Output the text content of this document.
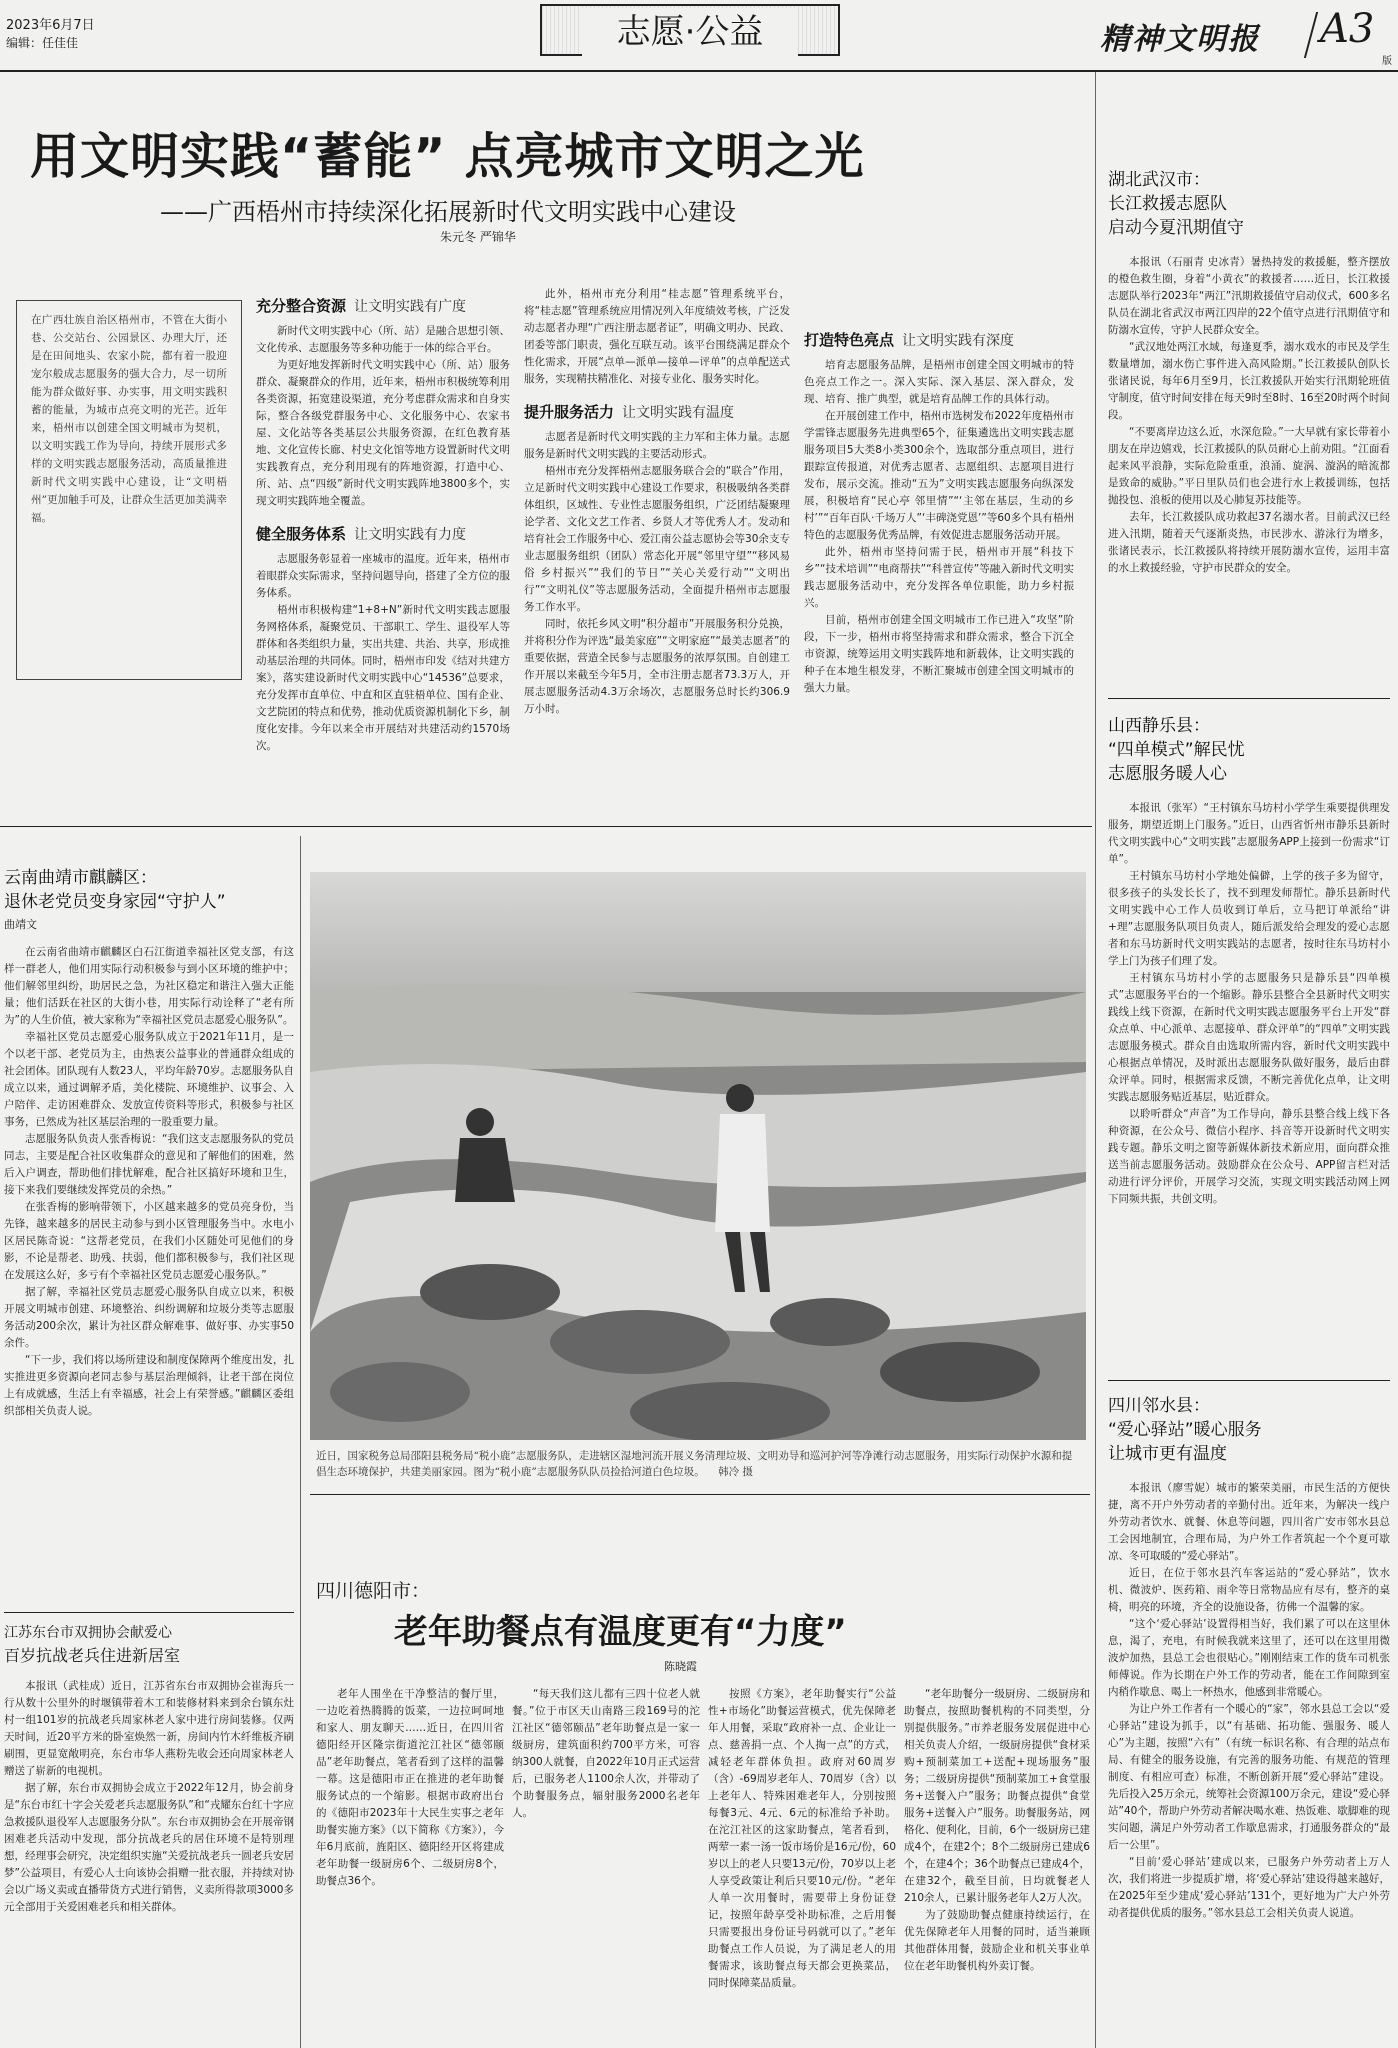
2023年6月7日
编辑：任佳佳	志愿·公益	精神文明报 A3
版
用文明实践“蓄能” 点亮城市文明之光
——广西梧州市持续深化拓展新时代文明实践中心建设
朱元冬 严锦华
在广西壮族自治区梧州市，不管在大街小巷、公交站台、公园景区、办理大厅，还是在田间地头、农家小院，都有着一股迎宠尔般成志愿服务的强大合力，尽一切所能为群众做好事、办实事，用文明实践积蓄的能量，为城市点亮文明的光芒。近年来，梧州市以创建全国文明城市为契机，以文明实践工作为导向，持续开展形式多样的文明实践志愿服务活动，高质量推进新时代文明实践中心建设，让“文明梧州”更加触手可及，让群众生活更加美满幸福。
充分整合资源 让文明实践有广度

新时代文明实践中心（所、站）是融合思想引领、文化传承、志愿服务等多种功能于一体的综合平台。

为更好地发挥新时代文明实践中心（所、站）服务群众、凝聚群众的作用，近年来，梧州市积极统筹利用各类资源，拓宽建设渠道，充分考虑群众需求和自身实际，整合各级党群服务中心、文化服务中心、农家书屋、文化站等各类基层公共服务资源，在红色教育基地、文化宣传长廊、村史文化馆等地方设置新时代文明实践教育点，充分利用现有的阵地资源，打造中心、所、站、点“四级”新时代文明实践阵地3800多个，实现文明实践阵地全覆盖。

健全服务体系 让文明实践有力度

志愿服务彰显着一座城市的温度。近年来，梧州市着眼群众实际需求，坚持问题导向，搭建了全方位的服务体系。

梧州市积极构建“1+8+N”新时代文明实践志愿服务网格体系，凝聚党员、干部职工、学生、退役军人等群体和各类组织力量，实出共建、共治、共享，形成推动基层治理的共同体。同时，梧州市印发《结对共建方案》，落实建设新时代文明实践中心“14536”总要求，充分发挥市直单位、中直和区直驻梧单位、国有企业、文艺院团的特点和优势，推动优质资源机制化下乡，制度化安排。今年以来全市开展结对共建活动约1570场次。

此外，梧州市充分利用“桂志愿”管理系统平台，将“桂志愿”管理系统应用情况列入年度绩效考核，广泛发动志愿者办理“广西注册志愿者证”，明确文明办、民政、团委等部门职责，强化互联互动。该平台围绕满足群众个性化需求，开展“点单—派单—接单—评单”的点单配送式服务，实现精扶精准化、对接专业化、服务实时化。

提升服务活力 让文明实践有温度

志愿者是新时代文明实践的主力军和主体力量。志愿服务是新时代文明实践的主要活动形式。

梧州市充分发挥梧州志愿服务联合会的“联合”作用，立足新时代文明实践中心建设工作要求，积极吸纳各类群体组织，区域性、专业性志愿服务组织，广泛团结凝聚理论学者、文化文艺工作者、乡贤人才等优秀人才。发动和培育社会工作服务中心、爱江南公益志愿协会等30余支专业志愿服务组织（团队）常态化开展“邻里守望”“移风易俗 乡村振兴”“我们的节日”“关心关爱行动”“文明出行”“文明礼仪”等志愿服务活动，全面提升梧州市志愿服务工作水平。

同时，依托乡风文明“积分超市”开展服务积分兑换，并将积分作为评选“最美家庭”“文明家庭”“最美志愿者”的重要依据，营造全民参与志愿服务的浓厚氛围。自创建工作开展以来截至今年5月，全市注册志愿者73.3万人，开展志愿服务活动4.3万余场次，志愿服务总时长约306.9万小时。

打造特色亮点 让文明实践有深度

培育志愿服务品牌，是梧州市创建全国文明城市的特色亮点工作之一。深入实际、深入基层、深入群众，发现、培育、推广典型，就是培育品牌工作的具体行动。

在开展创建工作中，梧州市选树发布2022年度梧州市学雷锋志愿服务先进典型65个，征集遴选出文明实践志愿服务项目5大类8小类300余个，选取部分重点项目，进行跟踪宣传报道，对优秀志愿者、志愿组织、志愿项目进行发布，展示交流。推动“五为”文明实践志愿服务向纵深发展，积极培育“民心亭 邻里情”“‘主邻在基层，生动的乡村’”“百年百队·千场万人”‘丰碑浇党恩’”等60多个具有梧州特色的志愿服务优秀品牌，有效促进志愿服务活动开展。

此外，梧州市坚持问需于民，梧州市开展“科技下乡”“技术培训”“电商帮扶”“科普宣传”等融入新时代文明实践志愿服务活动中，充分发挥各单位职能，助力乡村振兴。

目前，梧州市创建全国文明城市工作已进入“攻坚”阶段，下一步，梧州市将坚持需求和群众需求，整合下沉全市资源，统筹运用文明实践阵地和新载体，让文明实践的种子在本地生根发芽，不断汇聚城市创建全国文明城市的强大力量。

湖北武汉市：
长江救援志愿队
启动今夏汛期值守

本报讯（石丽青 史冰青）暑热持发的救援艇，整齐摆放的橙色救生圈，身着“小黄衣”的救援者……近日，长江救援志愿队举行2023年“两江”汛期救援值守启动仪式，600多名队员在湖北省武汉市两江四岸的22个值守点进行汛期值守和防溺水宣传，守护人民群众安全。

“武汉地处两江水域，每逢夏季，溺水戏水的市民及学生数量增加，溺水伤亡事件进入高风险期。”长江救援队创队长张诸民说，每年6月至9月，长江救援队开始实行汛期轮班值守制度，值守时间安排在每天9时至8时、16至20时两个时间段。

“不要离岸边这么近，水深危险。”一大早就有家长带着小朋友在岸边嬉戏，长江救援队的队员耐心上前劝阻。“江面看起来风平浪静，实际危险重重，浪涌、旋涡、漩涡的暗流都是致命的威胁。”平日里队员们也会进行水上救援训练，包括抛投包、浪板的使用以及心肺复苏技能等。

去年，长江救援队成功救起37名溺水者。目前武汉已经进入汛期，随着天气逐渐炎热，市民涉水、游泳行为增多，张诸民表示，长江救援队将持续开展防溺水宣传，运用丰富的水上救援经验，守护市民群众的安全。

山西静乐县：
“四单模式”解民忧
志愿服务暖人心

本报讯（张军）“王村镇东马坊村小学学生乘要提供理发服务，期望近期上门服务。”近日，山西省忻州市静乐县新时代文明实践中心“文明实践”志愿服务APP上接到一份需求“订单”。

王村镇东马坊村小学地处偏僻，上学的孩子多为留守，很多孩子的头发长长了，找不到理发师帮忙。静乐县新时代文明实践中心工作人员收到订单后，立马把订单派给“讲+理”志愿服务队项目负责人，随后派发给会理发的爱心志愿者和东马坊新时代文明实践站的志愿者，按时往东马坊村小学上门为孩子们理了发。

王村镇东马坊村小学的志愿服务只是静乐县“四单模式”志愿服务平台的一个缩影。静乐县整合全县新时代文明实践线上线下资源，在新时代文明实践志愿服务平台上开发“群众点单、中心派单、志愿接单、群众评单”的“四单”文明实践志愿服务模式。群众自由选取所需内容，新时代文明实践中心根据点单情况，及时派出志愿服务队做好服务，最后由群众评单。同时，根据需求反馈，不断完善优化点单，让文明实践志愿服务贴近基层，贴近群众。

以聆听群众“声音”为工作导向，静乐县整合线上线下各种资源，在公众号、微信小程序、抖音等开设新时代文明实践专题。静乐文明之窗等新媒体新技术新应用，面向群众推送当前志愿服务活动。鼓励群众在公众号、APP留言栏对活动进行评分评价，开展学习交流，实现文明实践活动网上网下同频共振，共创文明。

四川邻水县：
“爱心驿站”暖心服务
让城市更有温度

本报讯（廖雪妮）城市的繁荣美丽，市民生活的方便快捷，离不开户外劳动者的辛勤付出。近年来，为解决一线户外劳动者饮水、就餐、休息等问题，四川省广安市邻水县总工会因地制宜，合理布局，为户外工作者筑起一个个夏可歇凉、冬可取暖的“爱心驿站”。

近日，在位于邻水县汽车客运站的“爱心驿站”，饮水机、微波炉、医药箱、雨伞等日常物品应有尽有，整齐的桌椅，明亮的环境，齐全的设施设备，彷佛一个温馨的家。

“这个‘爱心驿站’设置得相当好，我们累了可以在这里休息，渴了，充电，有时候我就来这里了，还可以在这里用微波炉加热，县总工会也很贴心。”刚刚结束工作的货车司机张师傅说。作为长期在户外工作的劳动者，能在工作间隙到室内稍作歇息、喝上一杯热水，他感到非常暖心。

为让户外工作者有一个暖心的“家”，邻水县总工会以“爱心驿站”建设为抓手，以“有基础、拓功能、强服务、暖人心”为主题，按照“六有”（有统一标识名称、有合理的站点布局、有健全的服务设施，有完善的服务功能、有规范的管理制度、有相应可查）标准，不断创新开展“爱心驿站”建设。先后投入25万余元，统筹社会资源100万余元，建设“爱心驿站”40个，帮助户外劳动者解决喝水难、热饭难、歇脚难的现实问题，满足户外劳动者工作歇息需求，打通服务群众的“最后一公里”。

“目前‘爱心驿站’建成以来，已服务户外劳动者上万人次，我们将进一步提质扩增，将‘爱心驿站’建设得越来越好，在2025年至少建成‘爱心驿站’131个，更好地为广大户外劳动者提供优质的服务。”邻水县总工会相关负责人说道。

云南曲靖市麒麟区：
退休老党员变身家园“守护人”
曲靖文

在云南省曲靖市麒麟区白石江街道幸福社区党支部，有这样一群老人，他们用实际行动积极参与到小区环境的维护中；他们解邻里纠纷，助居民之急，为社区稳定和谐注入强大正能量；他们活跃在社区的大街小巷，用实际行动诠释了“老有所为”的人生价值，被大家称为“幸福社区党员志愿爱心服务队”。

幸福社区党员志愿爱心服务队成立于2021年11月，是一个以老干部、老党员为主，由热衷公益事业的普通群众组成的社会团体。团队现有人数23人，平均年龄70岁。志愿服务队自成立以来，通过调解矛盾，美化楼院、环境维护、议事会、入户陪伴、走访困难群众、发放宣传资料等形式，积极参与社区事务，已然成为社区基层治理的一股重要力量。

志愿服务队负责人张香梅说：“我们这支志愿服务队的党员同志，主要是配合社区收集群众的意见和了解他们的困难，然后入户调查，帮助他们排忧解难，配合社区搞好环境和卫生，接下来我们要继续发挥党员的余热。”

在张香梅的影响带领下，小区越来越多的党员亮身份，当先锋，越来越多的居民主动参与到小区管理服务当中。水电小区居民陈奇说：“这帮老党员，在我们小区随处可见他们的身影，不论是帮老、助残、扶弱，他们都积极参与，我们社区现在发展这么好，多亏有个幸福社区党员志愿爱心服务队。”

据了解，幸福社区党员志愿爱心服务队自成立以来，积极开展文明城市创建、环境整治、纠纷调解和垃圾分类等志愿服务活动200余次，累计为社区群众解难事、做好事、办实事50余件。

“下一步，我们将以场所建设和制度保障两个维度出发，扎实推进更多资源向老同志参与基层治理倾斜，让老干部在岗位上有成就感，生活上有幸福感，社会上有荣誉感。”麒麟区委组织部相关负责人说。

江苏东台市双拥协会献爱心
百岁抗战老兵住进新居室

本报讯（武桂成）近日，江苏省东台市双拥协会崔海兵一行从数十公里外的时堰镇带着木工和装修材料来到余台镇东灶村一组101岁的抗战老兵周家林老人家中进行房间装修。仅两天时间，近20平方米的卧室焕然一新，房间内竹木纤维板齐刷刷围，更显宽敞明亮，东台市华人燕粉先收会还向周家林老人赠送了崭新的电视机。

据了解，东台市双拥协会成立于2022年12月，协会前身是“东台市红十字会关爱老兵志愿服务队”和“戎耀东台红十字应急救援队退役军人志愿服务分队”。东台市双拥协会在开展帝钢困难老兵活动中发现，部分抗战老兵的居住环境不是特别理想，经理事会研究，决定组织实施“关爱抗战老兵一圆老兵安居梦”公益项目，有爱心人士向该协会捐赠一批衣服，并持续对协会以广场义卖或直播带货方式进行销售，义卖所得款项3000多元全部用于关爱困难老兵和相关群体。

近日，国家税务总局邵阳县税务局“税小鹿”志愿服务队，走进辖区湿地河流开展义务清理垃圾、文明劝导和巡河护河等净滩行动志愿服务，用实际行动保护水源和提倡生态环境保护，共建美丽家园。图为“税小鹿”志愿服务队队员捡拾河道白色垃圾。 韩冷 摄
四川德阳市：
老年助餐点有温度更有“力度”
陈晓霞

老年人围坐在干净整洁的餐厅里，一边吃着热腾腾的饭菜，一边拉呵呵地和家人、朋友聊天……近日，在四川省德阳经开区隆宗街道沱江社区“德邻颐品”老年助餐点，笔者看到了这样的温馨一幕。这是德阳市正在推进的老年助餐服务试点的一个缩影。根据市政府出台的《德阳市2023年十大民生实事之老年助餐实施方案》（以下简称《方案》），今年6月底前，旌阳区、德阳经开区将建成老年助餐一级厨房6个、二级厨房8个，助餐点36个。

“每天我们这儿都有三四十位老人就餐。”位于市区天山南路三段169号的沱江社区“德邻颐品”老年助餐点是一家一级厨房，建筑面积约700平方米，可容纳300人就餐，自2022年10月正式运营后，已服务老人1100余人次，并带动了个助餐服务点，辐射服务2000名老年人。

按照《方案》，老年助餐实行“公益性+市场化”助餐运营模式，优先保障老年人用餐，采取“政府补一点、企业让一点、慈善捐一点、个人掏一点”的方式，减轻老年群体负担。政府对60周岁（含）-69周岁老年人、70周岁（含）以上老年人、特殊困难老年人，分别按照每餐3元、4元、6元的标准给予补助。在沱江社区的这家助餐点，笔者看到，两荤一素一汤一饭市场价是16元/份，60岁以上的老人只要13元/份，70岁以上老人享受政策让利后只要10元/份。“老年人单一次用餐时，需要带上身份证登记，按照年龄享受补助标准，之后用餐只需要报出身份证号码就可以了。”老年助餐点工作人员说，为了满足老人的用餐需求，该助餐点每天都会更换菜品，同时保障菜品质量。

“老年助餐分一级厨房、二级厨房和助餐点，按照助餐机构的不同类型，分别提供服务。”市养老服务发展促进中心相关负责人介绍，一级厨房提供“食材采购+预制菜加工+送配+现场服务”服务；二级厨房提供“预制菜加工+食堂服务+送餐入户”服务；助餐点提供“食堂服务+送餐入户”服务。助餐服务站，网格化、便利化，目前，6个一级厨房已建成4个，在建2个；8个二级厨房已建成6个，在建4个；36个助餐点已建成4个，在建32个，截至目前，日均就餐老人210余人，已累计服务老年人2万人次。

为了鼓励助餐点健康持续运行，在优先保障老年人用餐的同时，适当兼顾其他群体用餐，鼓励企业和机关事业单位在老年助餐机构外卖订餐。
